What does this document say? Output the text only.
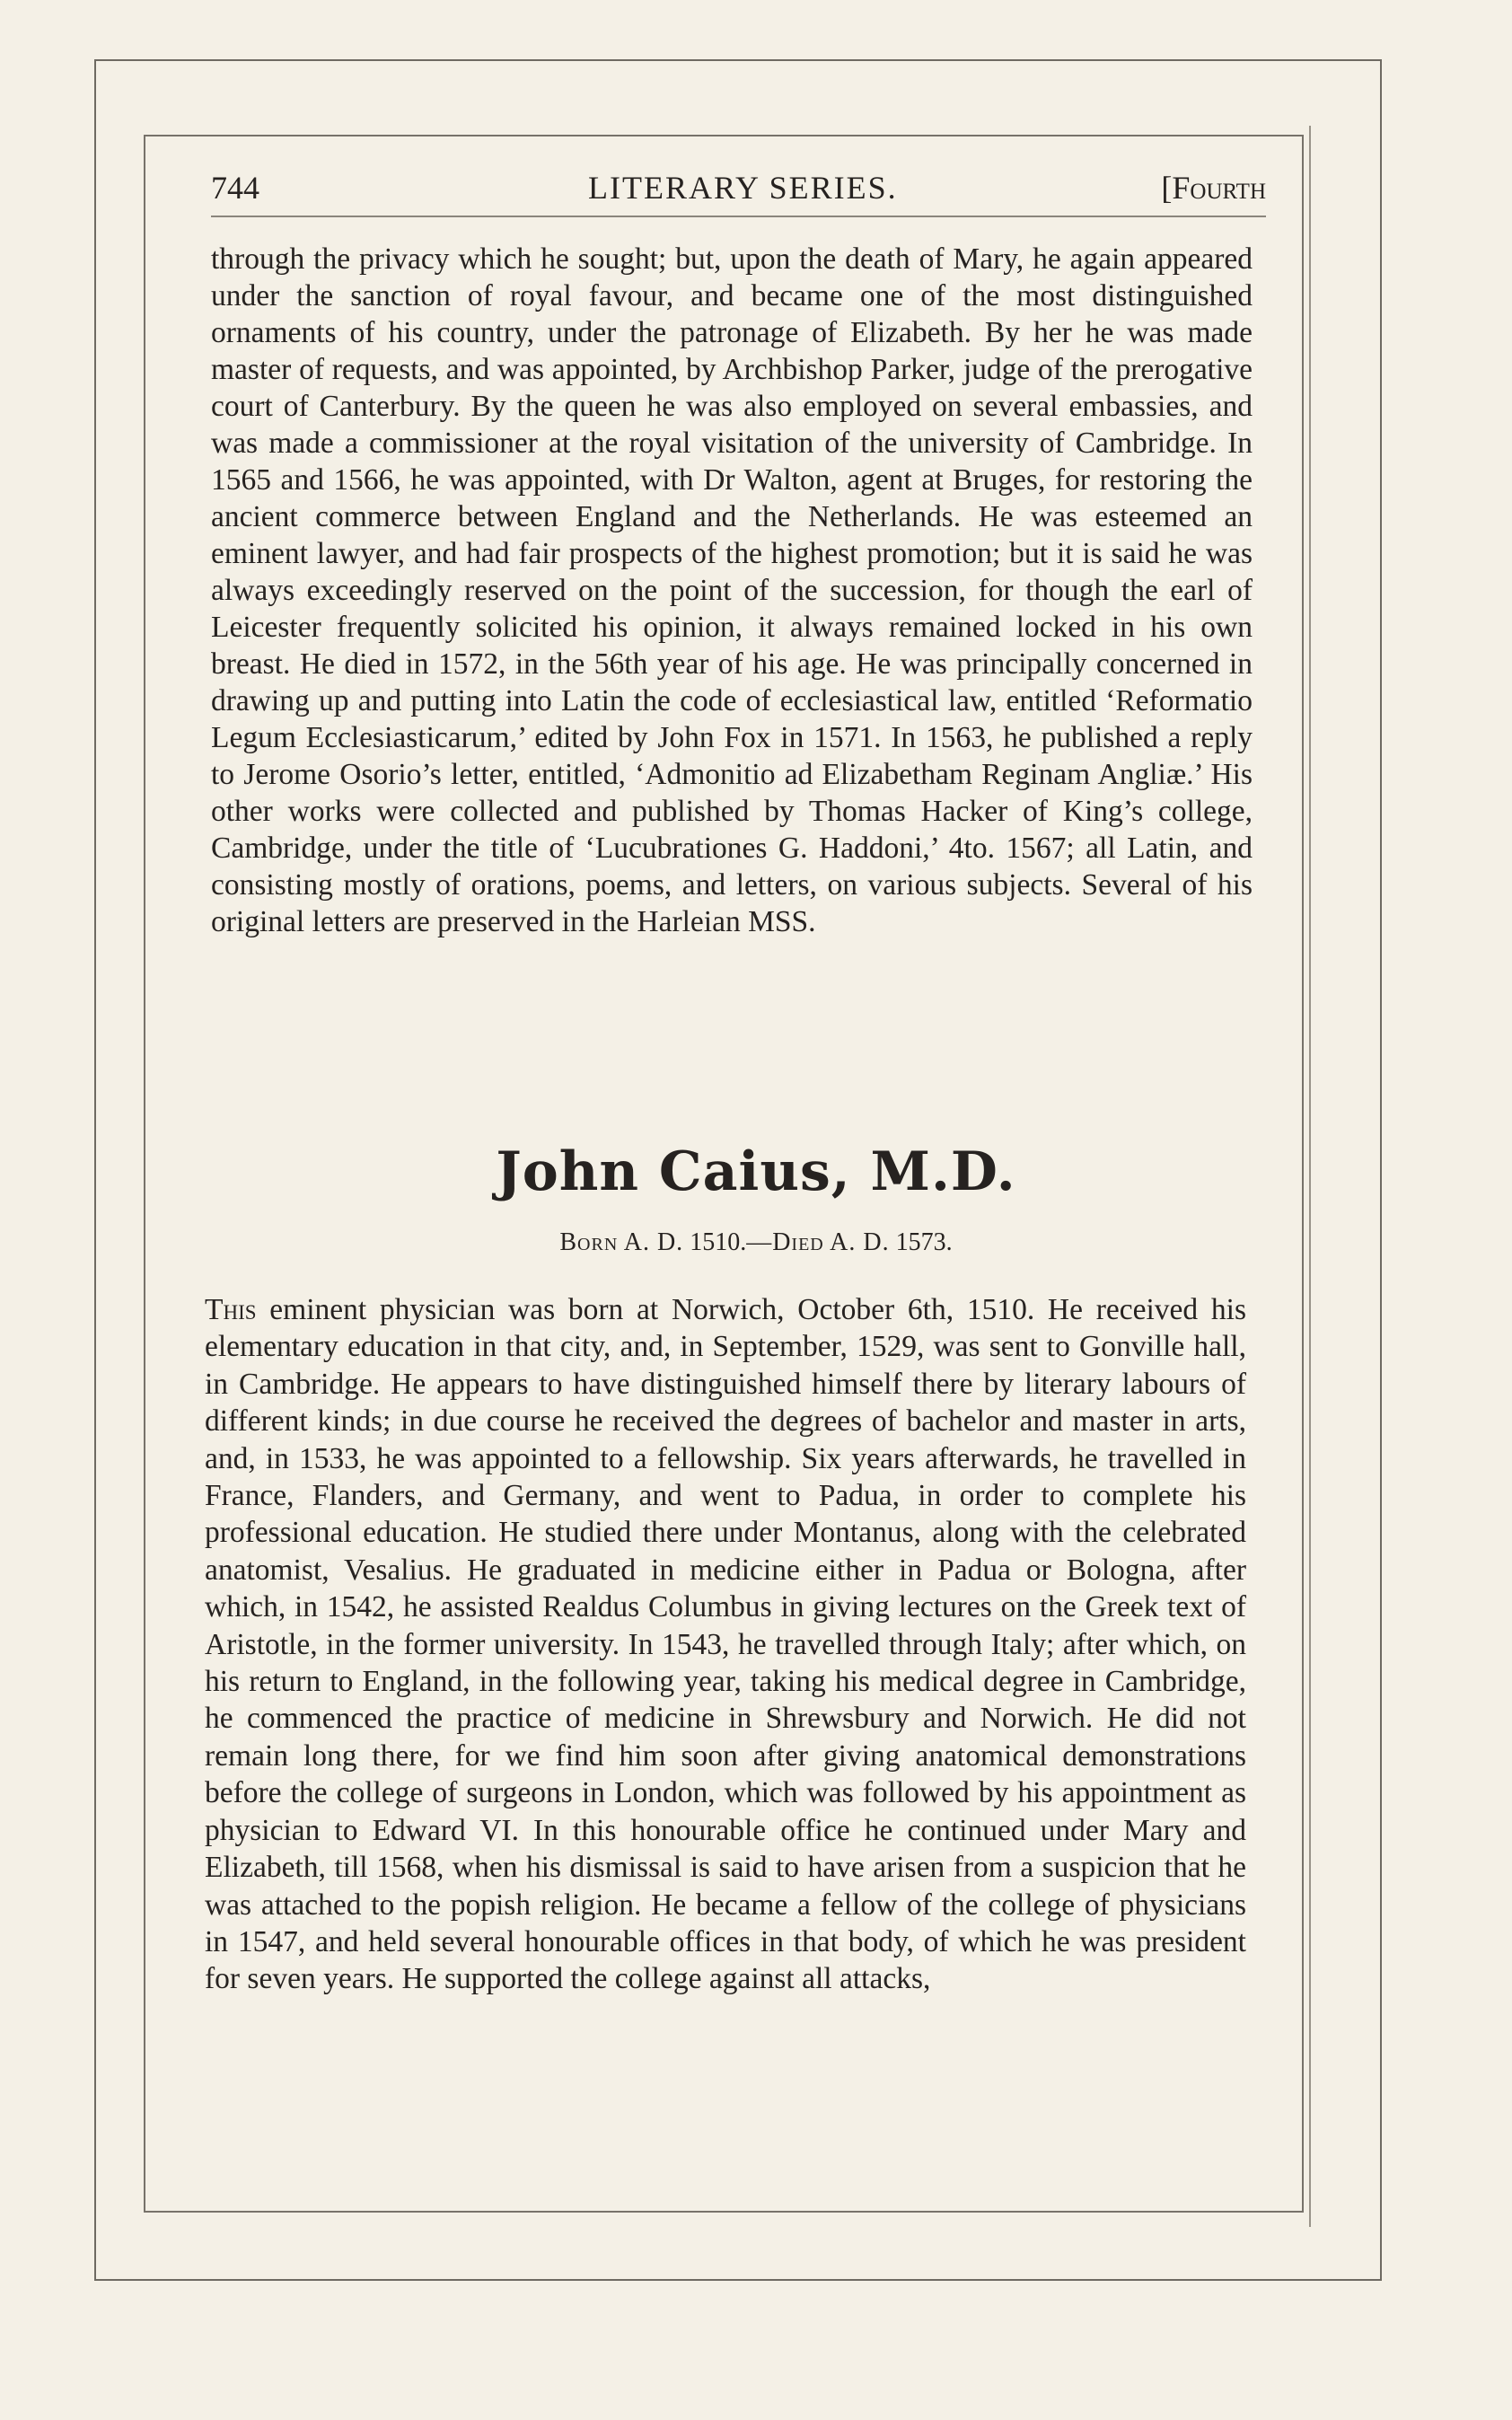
744	LITERARY SERIES.	[Fourth

through the privacy which he sought; but, upon the death of Mary, he again appeared under the sanction of royal favour, and became one of the most distinguished ornaments of his country, under the patronage of Elizabeth. By her he was made master of requests, and was appointed, by Archbishop Parker, judge of the prerogative court of Canterbury. By the queen he was also employed on several embassies, and was made a commissioner at the royal visitation of the university of Cambridge. In 1565 and 1566, he was appointed, with Dr Walton, agent at Bruges, for restoring the ancient commerce between England and the Netherlands. He was esteemed an eminent lawyer, and had fair prospects of the highest promotion; but it is said he was always exceedingly reserved on the point of the succession, for though the earl of Leicester frequently solicited his opinion, it always remained locked in his own breast. He died in 1572, in the 56th year of his age. He was principally concerned in drawing up and putting into Latin the code of ecclesiastical law, entitled ‘Reformatio Legum Ecclesiasticarum,’ edited by John Fox in 1571. In 1563, he published a reply to Jerome Osorio’s letter, entitled, ‘Admonitio ad Elizabetham Reginam Angliæ.’ His other works were collected and published by Thomas Hacker of King’s college, Cambridge, under the title of ‘Lucubrationes G. Haddoni,’ 4to. 1567; all Latin, and consisting mostly of orations, poems, and letters, on various subjects. Several of his original letters are preserved in the Harleian MSS.

John Caius, M.D.
Born A. D. 1510.—Died A. D. 1573.

This eminent physician was born at Norwich, October 6th, 1510. He received his elementary education in that city, and, in September, 1529, was sent to Gonville hall, in Cambridge. He appears to have distinguished himself there by literary labours of different kinds; in due course he received the degrees of bachelor and master in arts, and, in 1533, he was appointed to a fellowship. Six years afterwards, he travelled in France, Flanders, and Germany, and went to Padua, in order to complete his professional education. He studied there under Montanus, along with the celebrated anatomist, Vesalius. He graduated in medicine either in Padua or Bologna, after which, in 1542, he assisted Realdus Columbus in giving lectures on the Greek text of Aristotle, in the former university. In 1543, he travelled through Italy; after which, on his return to England, in the following year, taking his medical degree in Cambridge, he commenced the practice of medicine in Shrewsbury and Norwich. He did not remain long there, for we find him soon after giving anatomical demonstrations before the college of surgeons in London, which was followed by his appointment as physician to Edward VI. In this honourable office he continued under Mary and Elizabeth, till 1568, when his dismissal is said to have arisen from a suspicion that he was attached to the popish religion. He became a fellow of the college of physicians in 1547, and held several honourable offices in that body, of which he was president for seven years. He supported the college against all attacks,
